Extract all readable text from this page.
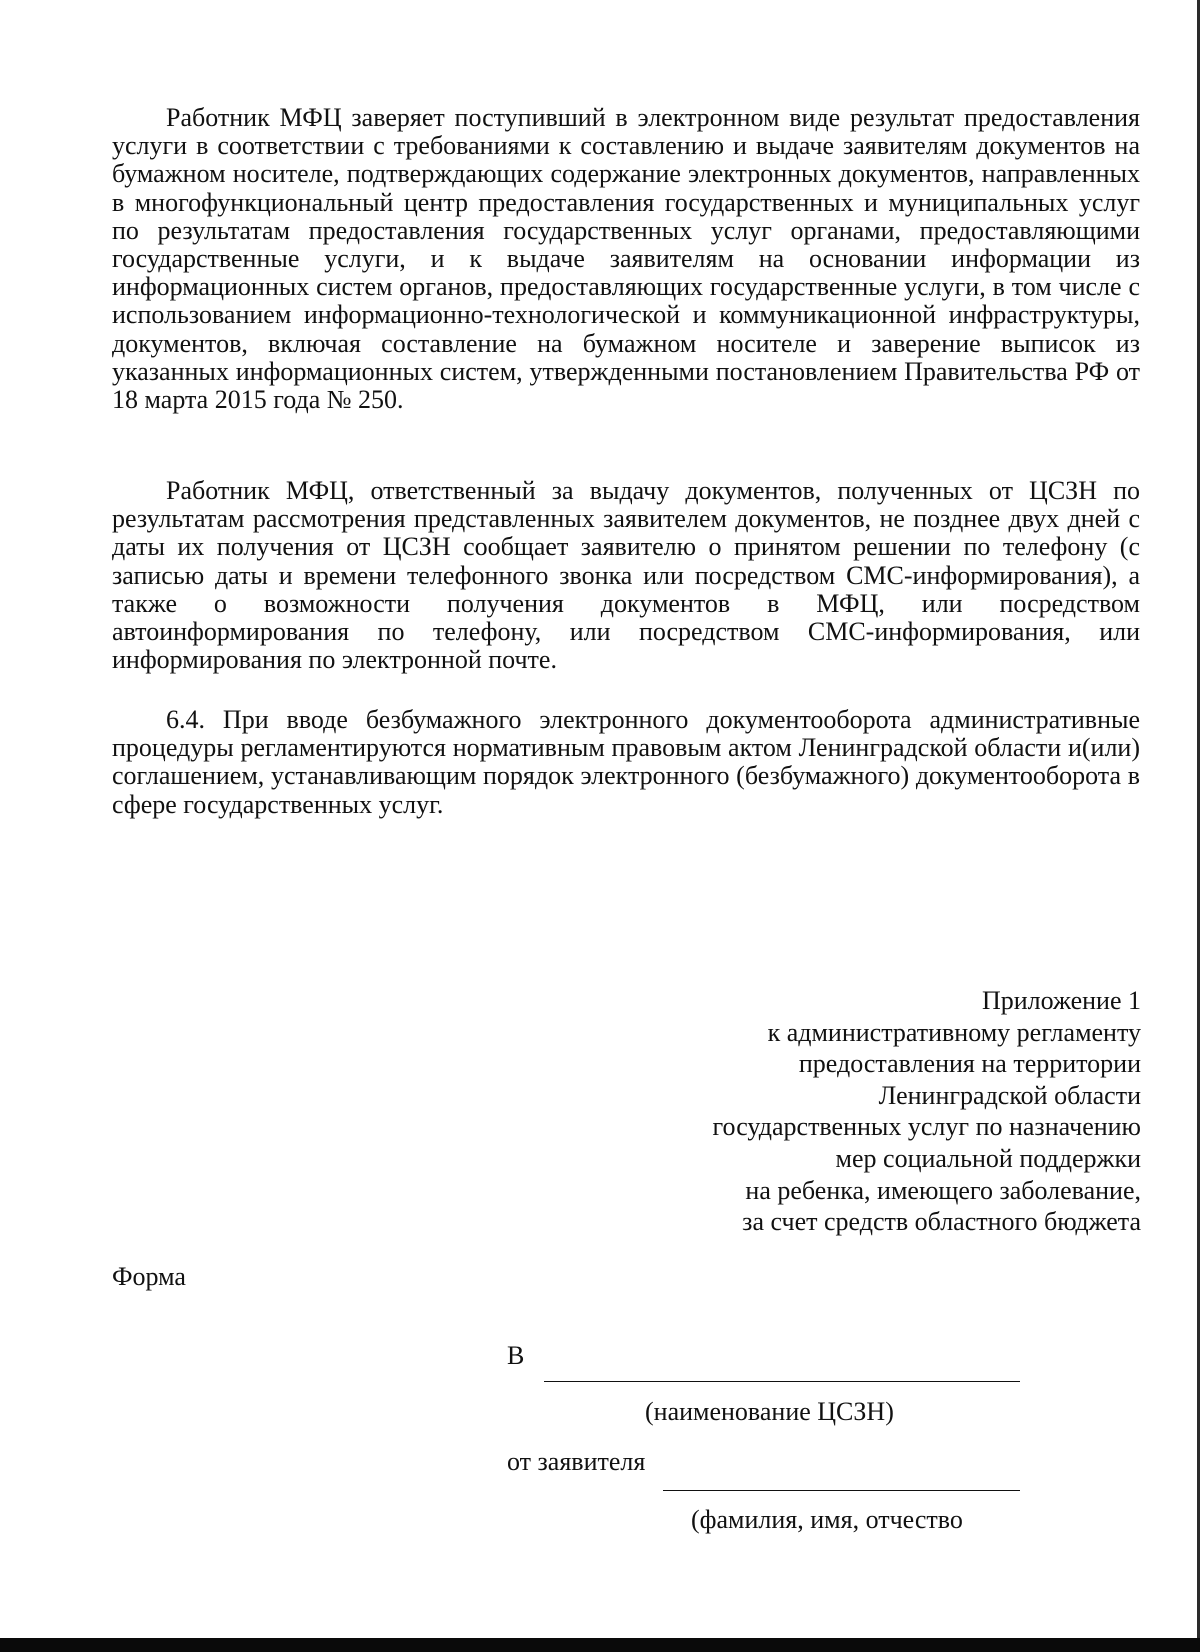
Работник МФЦ заверяет поступивший в электронном виде результат предоставления услуги в соответствии с требованиями к составлению и выдаче заявителям документов на бумажном носителе, подтверждающих содержание электронных документов, направленных в многофункциональный центр предоставления государственных и муниципальных услуг по результатам предоставления государственных услуг органами, предоставляющими государственные услуги, и к выдаче заявителям на основании информации из информационных систем органов, предоставляющих государственные услуги, в том числе с использованием информационно-технологической и коммуникационной инфраструктуры, документов, включая составление на бумажном носителе и заверение выписок из указанных информационных систем, утвержденными постановлением Правительства РФ от 18 марта 2015 года № 250.

Работник МФЦ, ответственный за выдачу документов, полученных от ЦСЗН по результатам рассмотрения представленных заявителем документов, не позднее двух дней с даты их получения от ЦСЗН сообщает заявителю о принятом решении по телефону (с записью даты и времени телефонного звонка или посредством СМС-информирования), а также о возможности получения документов в МФЦ, или посредством автоинформирования по телефону, или посредством СМС-информирования, или информирования по электронной почте.

6.4. При вводе безбумажного электронного документооборота административные процедуры регламентируются нормативным правовым актом Ленинградской области и(или) соглашением, устанавливающим порядок электронного (безбумажного) документооборота в сфере государственных услуг.

Приложение 1
к административному регламенту
предоставления на территории
Ленинградской области
государственных услуг по назначению
мер социальной поддержки
на ребенка, имеющего заболевание,
за счет средств областного бюджета
Форма
В
(наименование ЦСЗН)
от заявителя
(фамилия, имя, отчество
